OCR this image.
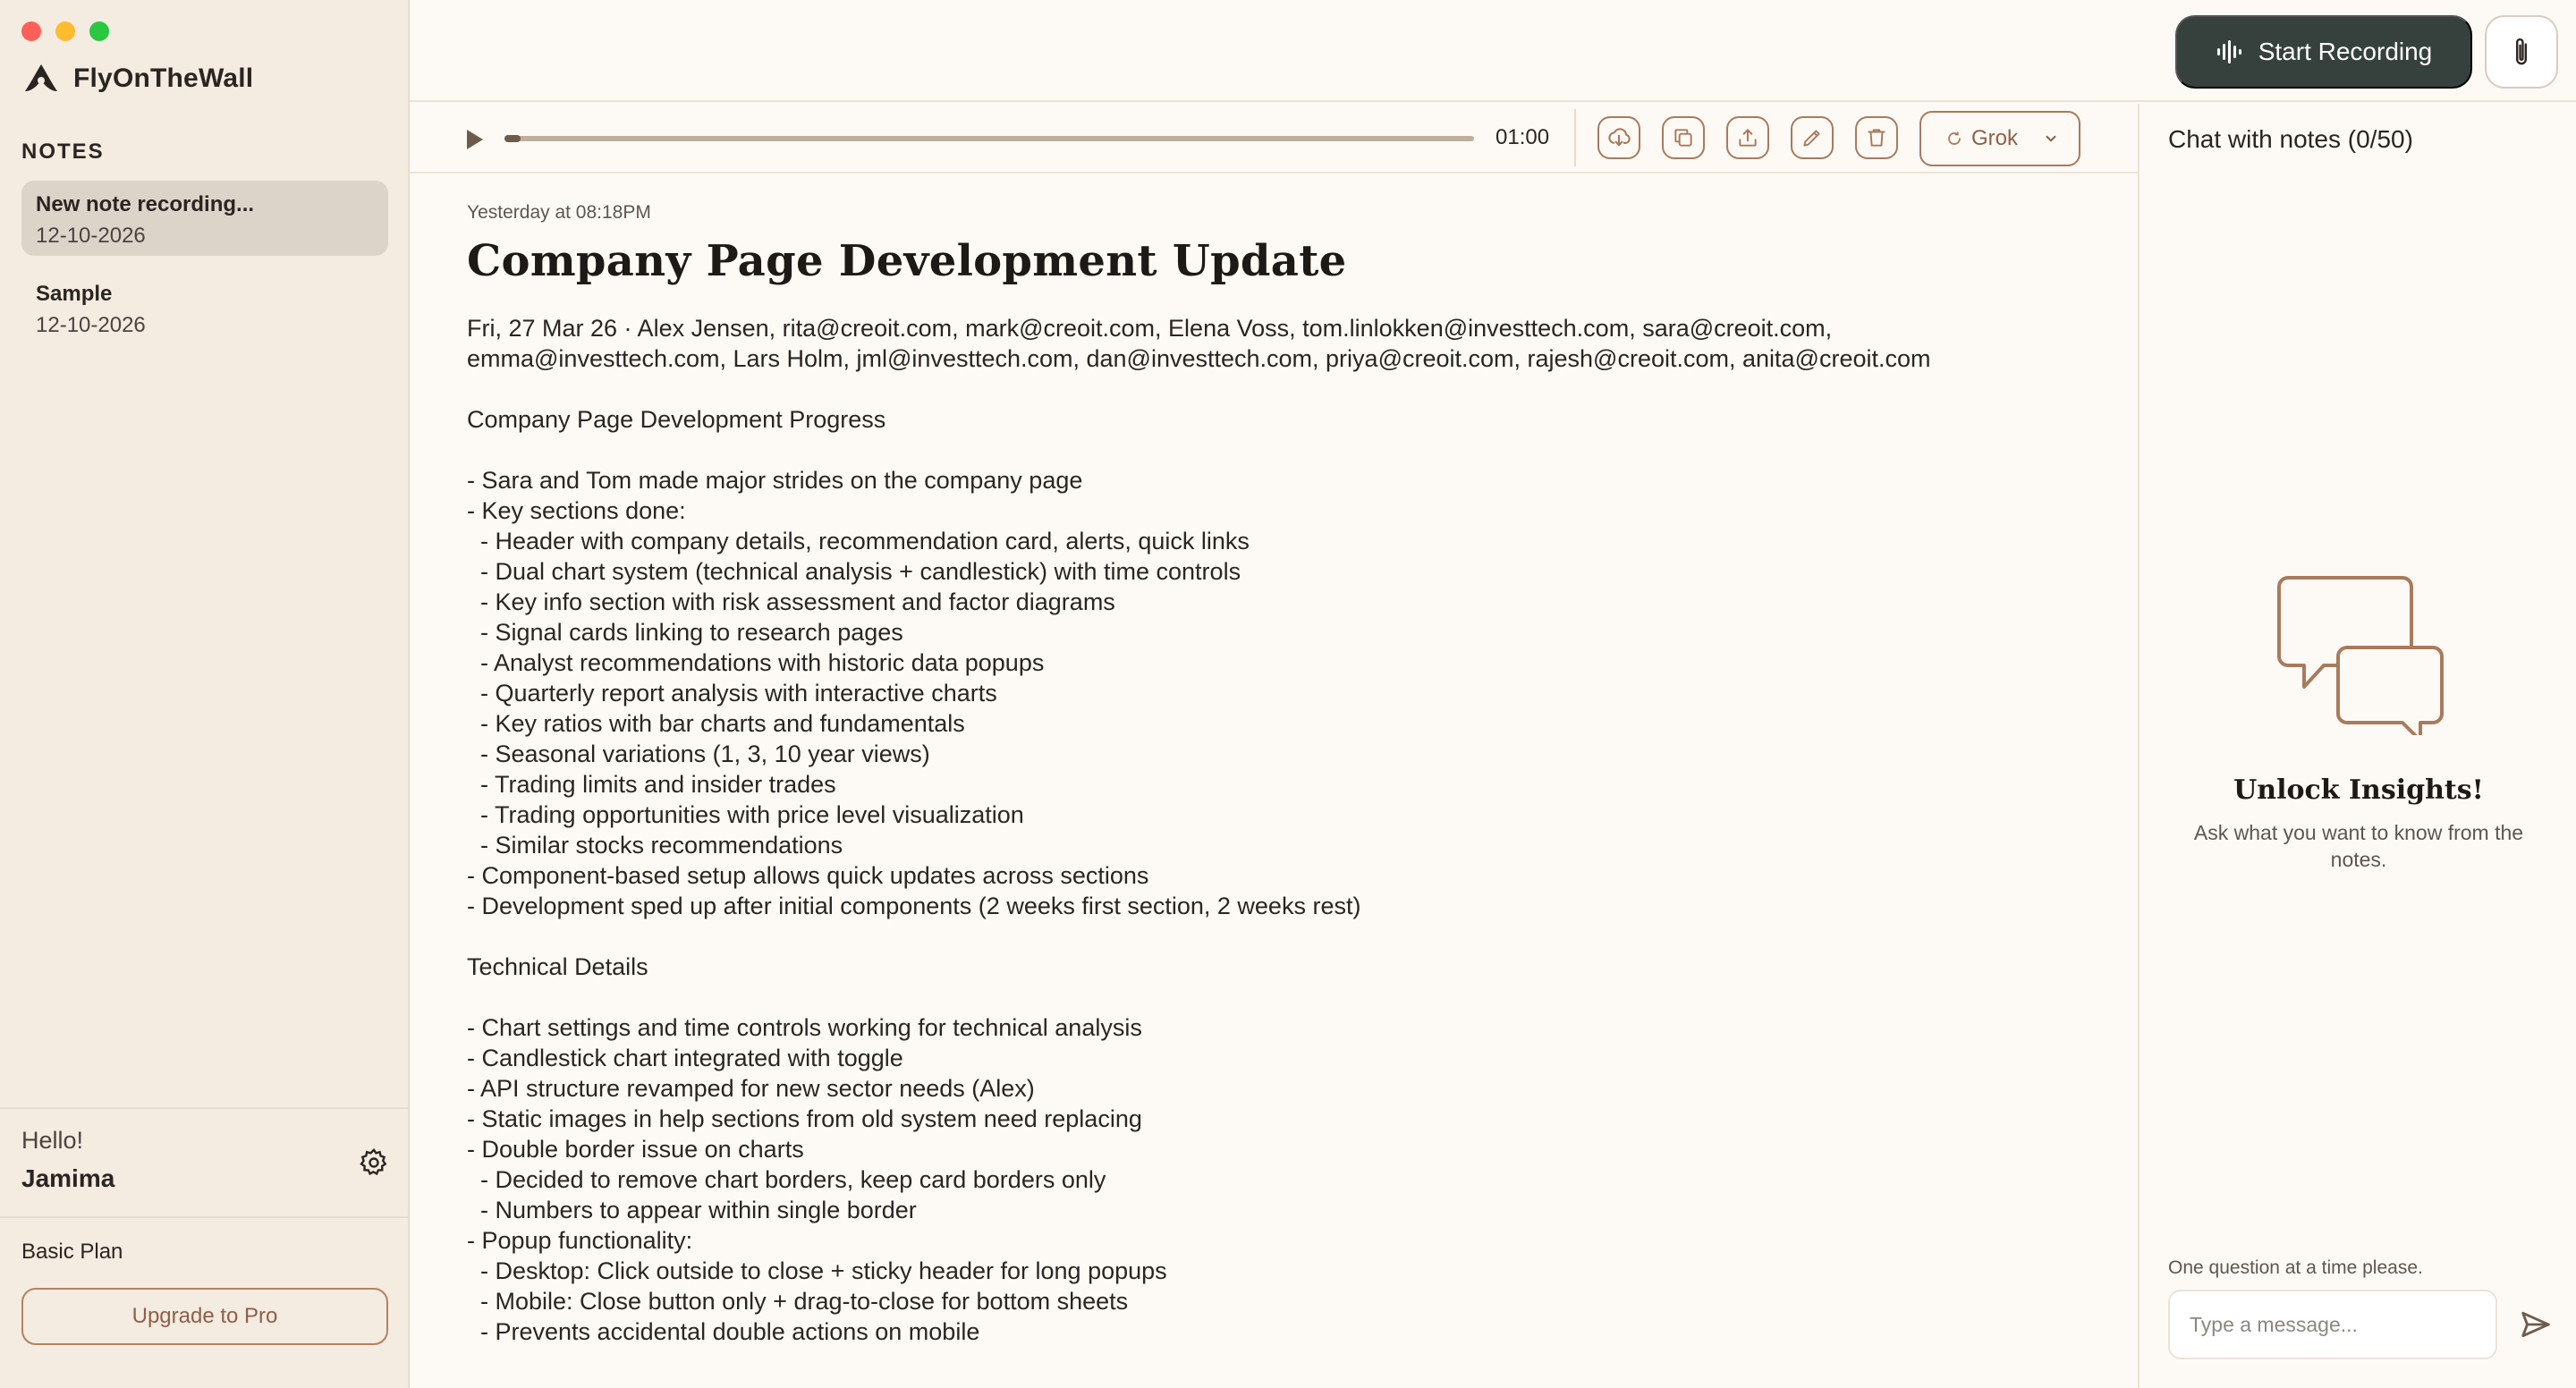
FlyOnTheWall
NOTES
New note recording...
12-10-2026
Sample
12-10-2026
Hello!
Jamima
Basic Plan
Upgrade to Pro
Start Recording
01:00	Grok
Yesterday at 08:18PM
Company Page Development Update
Fri, 27 Mar 26 · Alex Jensen, rita@creoit.com, mark@creoit.com, Elena Voss, tom.linlokken@investtech.com, sara@creoit.com,
emma@investtech.com, Lars Holm, jml@investtech.com, dan@investtech.com, priya@creoit.com, rajesh@creoit.com, anita@creoit.com

Company Page Development Progress

- Sara and Tom made major strides on the company page
- Key sections done:
- Header with company details, recommendation card, alerts, quick links
- Dual chart system (technical analysis + candlestick) with time controls
- Key info section with risk assessment and factor diagrams
- Signal cards linking to research pages
- Analyst recommendations with historic data popups
- Quarterly report analysis with interactive charts
- Key ratios with bar charts and fundamentals
- Seasonal variations (1, 3, 10 year views)
- Trading limits and insider trades
- Trading opportunities with price level visualization
- Similar stocks recommendations
- Component-based setup allows quick updates across sections
- Development sped up after initial components (2 weeks first section, 2 weeks rest)

Technical Details

- Chart settings and time controls working for technical analysis
- Candlestick chart integrated with toggle
- API structure revamped for new sector needs (Alex)
- Static images in help sections from old system need replacing
- Double border issue on charts
- Decided to remove chart borders, keep card borders only
- Numbers to appear within single border
- Popup functionality:
- Desktop: Click outside to close + sticky header for long popups
- Mobile: Close button only + drag-to-close for bottom sheets
- Prevents accidental double actions on mobile
Chat with notes (0/50)
Unlock Insights!
Ask what you want to know from the notes.
One question at a time please.
Type a message...
